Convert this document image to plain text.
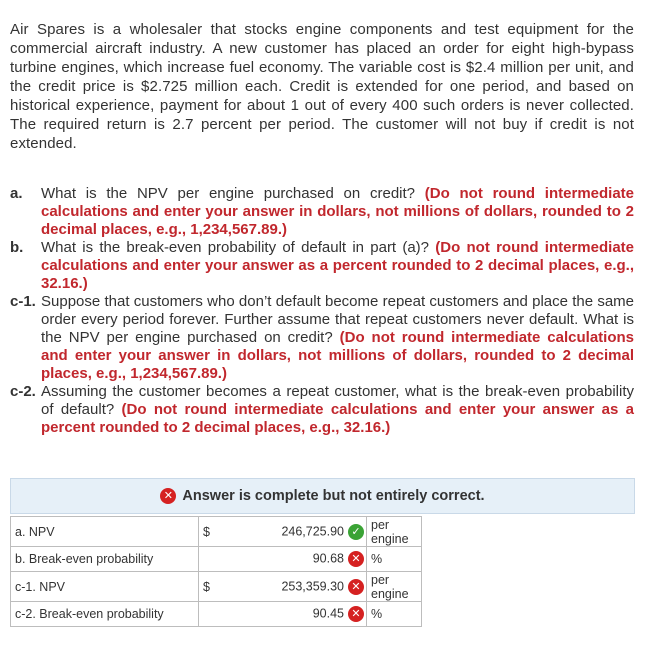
Air Spares is a wholesaler that stocks engine components and test equipment for the commercial aircraft industry. A new customer has placed an order for eight high-bypass turbine engines, which increase fuel economy. The variable cost is $2.4 million per unit, and the credit price is $2.725 million each. Credit is extended for one period, and based on historical experience, payment for about 1 out of every 400 such orders is never collected. The required return is 2.7 percent per period. The customer will not buy if credit is not extended.
a. What is the NPV per engine purchased on credit? (Do not round intermediate calculations and enter your answer in dollars, not millions of dollars, rounded to 2 decimal places, e.g., 1,234,567.89.)
b. What is the break-even probability of default in part (a)? (Do not round intermediate calculations and enter your answer as a percent rounded to 2 decimal places, e.g., 32.16.)
c-1. Suppose that customers who don’t default become repeat customers and place the same order every period forever. Further assume that repeat customers never default. What is the NPV per engine purchased on credit? (Do not round intermediate calculations and enter your answer in dollars, not millions of dollars, rounded to 2 decimal places, e.g., 1,234,567.89.)
c-2. Assuming the customer becomes a repeat customer, what is the break-even probability of default? (Do not round intermediate calculations and enter your answer as a percent rounded to 2 decimal places, e.g., 32.16.)
✕ Answer is complete but not entirely correct.
a. NPV	$	246,725.90 ✓	per engine
b. Break-even probability		90.68 ✕	%
c-1. NPV	$	253,359.30 ✕	per engine
c-2. Break-even probability		90.45 ✕	%
